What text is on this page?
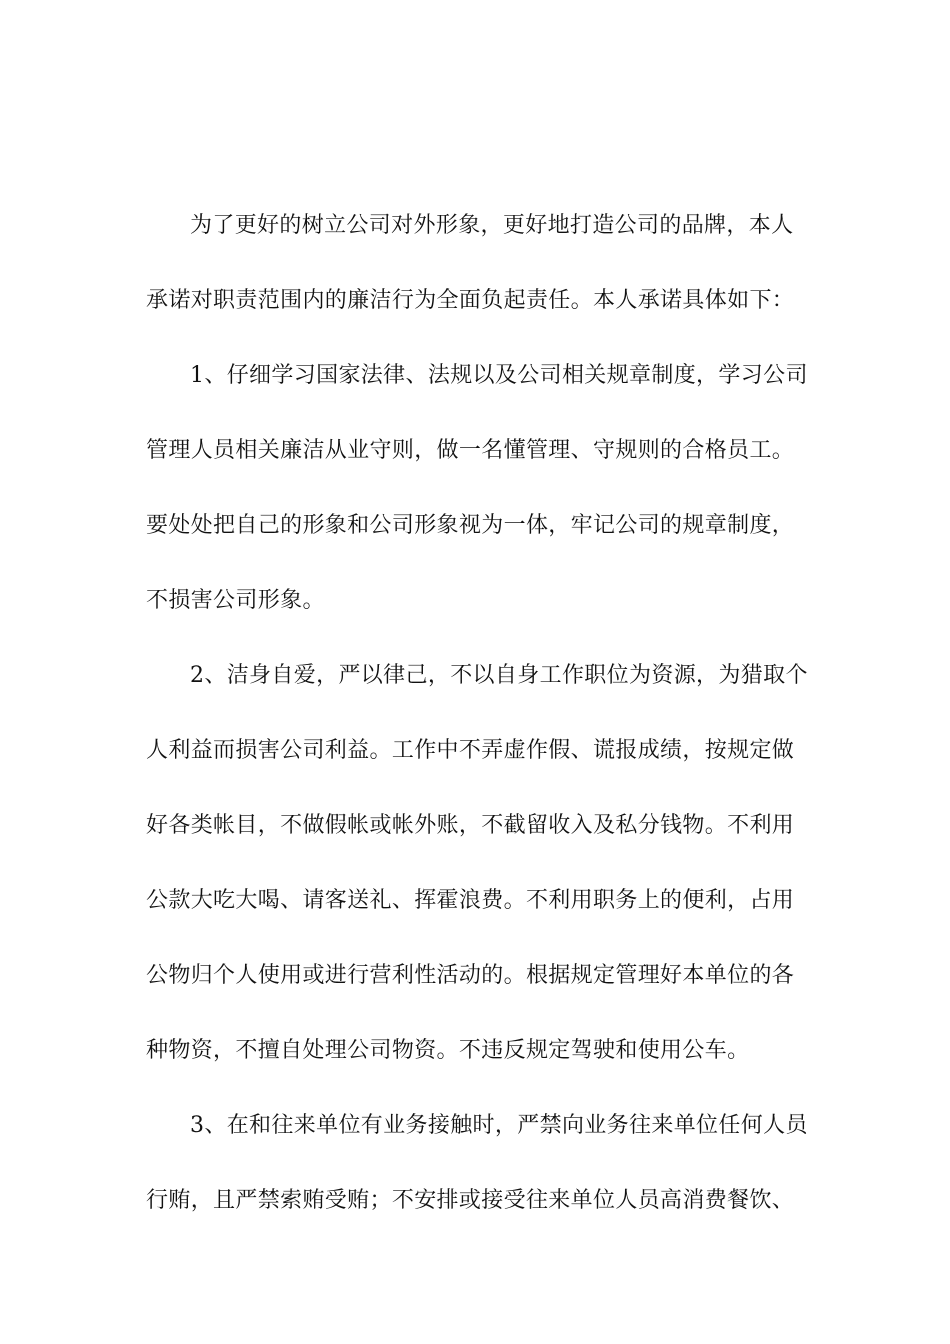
为了更好的树立公司对外形象，更好地打造公司的品牌，本人
承诺对职责范围内的廉洁行为全面负起责任。本人承诺具体如下：
1、仔细学习国家法律、法规以及公司相关规章制度，学习公司
管理人员相关廉洁从业守则，做一名懂管理、守规则的合格员工。
要处处把自己的形象和公司形象视为一体，牢记公司的规章制度，
不损害公司形象。
2、洁身自爱，严以律己，不以自身工作职位为资源，为猎取个
人利益而损害公司利益。工作中不弄虚作假、谎报成绩，按规定做
好各类帐目，不做假帐或帐外账，不截留收入及私分钱物。不利用
公款大吃大喝、请客送礼、挥霍浪费。不利用职务上的便利，占用
公物归个人使用或进行营利性活动的。根据规定管理好本单位的各
种物资，不擅自处理公司物资。不违反规定驾驶和使用公车。
3、在和往来单位有业务接触时，严禁向业务往来单位任何人员
行贿，且严禁索贿受贿；不安排或接受往来单位人员高消费餐饮、
